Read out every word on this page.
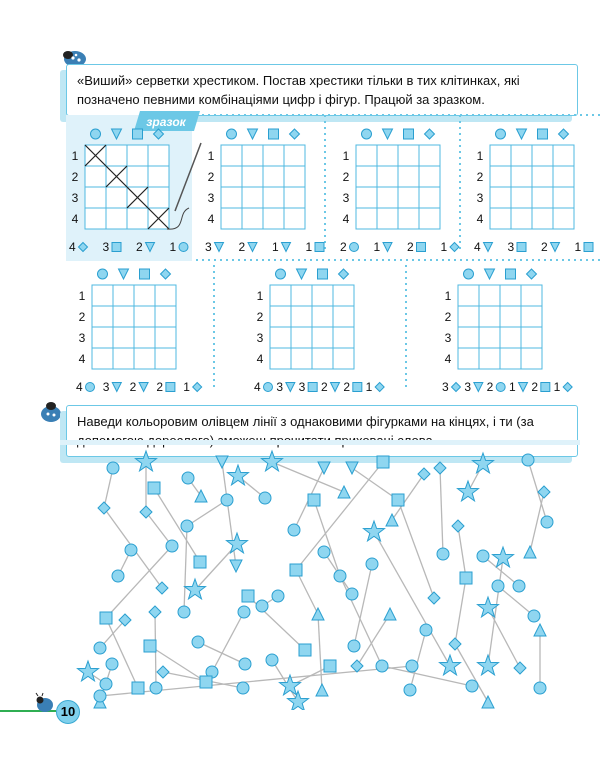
«Виший» серветки хрестиком. Постав хрестики тільки в тих клітинках, які позначено певними комбінаціями цифр і фігур. Працюй за зразком.
зразок
1
2
3
4
4 3 2 1
1
2
3
4
3 2 1 1
1
2
3
4
2 1 2 1
1
2
3
4
4 3 2 1
1
2
3
4
4 3 2 2 1
1
2
3
4
4 3 3 2 2 1
1
2
3
4
3 3 2 1 2 1
Наведи кольоровим олівцем лінії з однаковими фігурками на кінцях, і ти (за
10
